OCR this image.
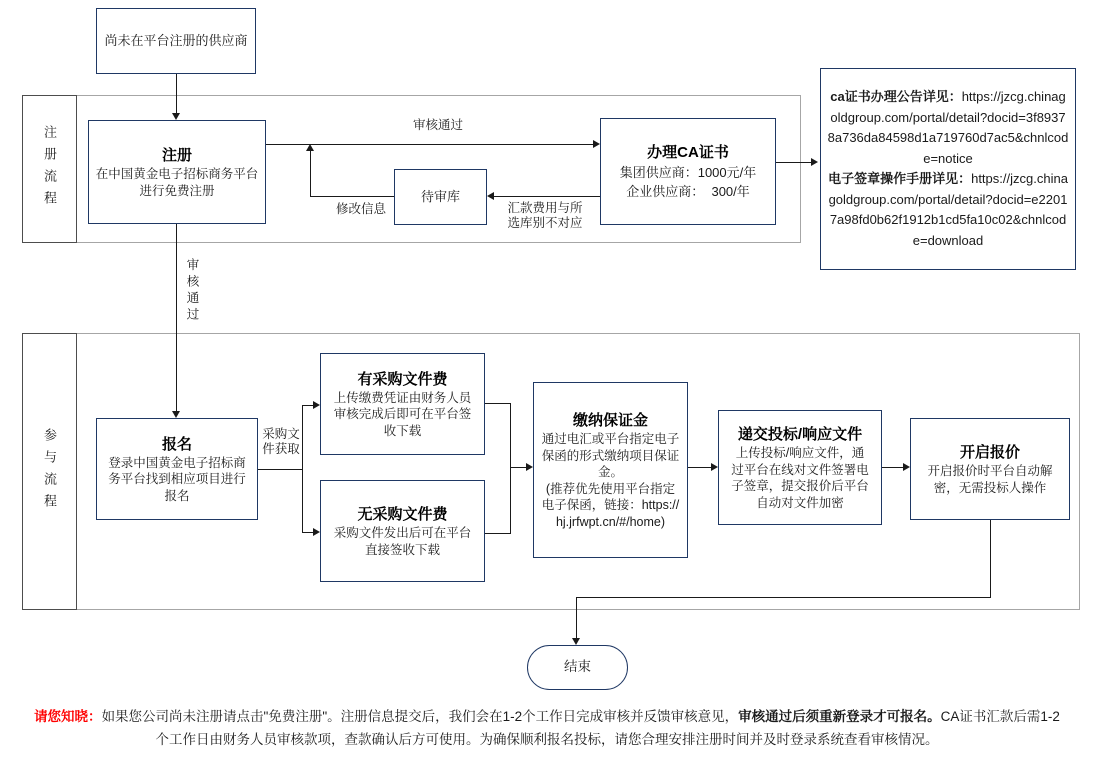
注册流程
参与流程
尚未在平台注册的供应商
注册
在中国黄金电子招标商务平台进行免费注册
审核通过
待审库
汇款费用与所选库别不对应
修改信息
办理CA证书
集团供应商：1000元/年
企业供应商：  300/年

ca证书办理公告详见：https://jzcg.chinagoldgroup.com/portal/detail?docid=3f89378a736da84598d1a719760d7ac5&chnlcode=notice

电子签章操作手册详见：https://jzcg.chinagoldgroup.com/portal/detail?docid=e22017a98fd0b62f1912b1cd5fa10c02&chnlcode=download

审核通过
报名
登录中国黄金电子招标商务平台找到相应项目进行报名
采购文件获取
有采购文件费
上传缴费凭证由财务人员审核完成后即可在平台签收下载
无采购文件费
采购文件发出后可在平台直接签收下载
缴纳保证金
通过电汇或平台指定电子保函的形式缴纳项目保证金。
(推荐优先使用平台指定电子保函，链接：https://hj.jrfwpt.cn/#/home)
递交投标/响应文件
上传投标/响应文件，通过平台在线对文件签署电子签章，提交报价后平台自动对文件加密
开启报价
开启报价时平台自动解密，无需投标人操作
结束
请您知晓：如果您公司尚未注册请点击"免费注册"。注册信息提交后，我们会在1-2个工作日完成审核并反馈审核意见，审核通过后须重新登录才可报名。CA证书汇款后需1-2个工作日由财务人员审核款项，查款确认后方可使用。为确保顺利报名投标，请您合理安排注册时间并及时登录系统查看审核情况。
